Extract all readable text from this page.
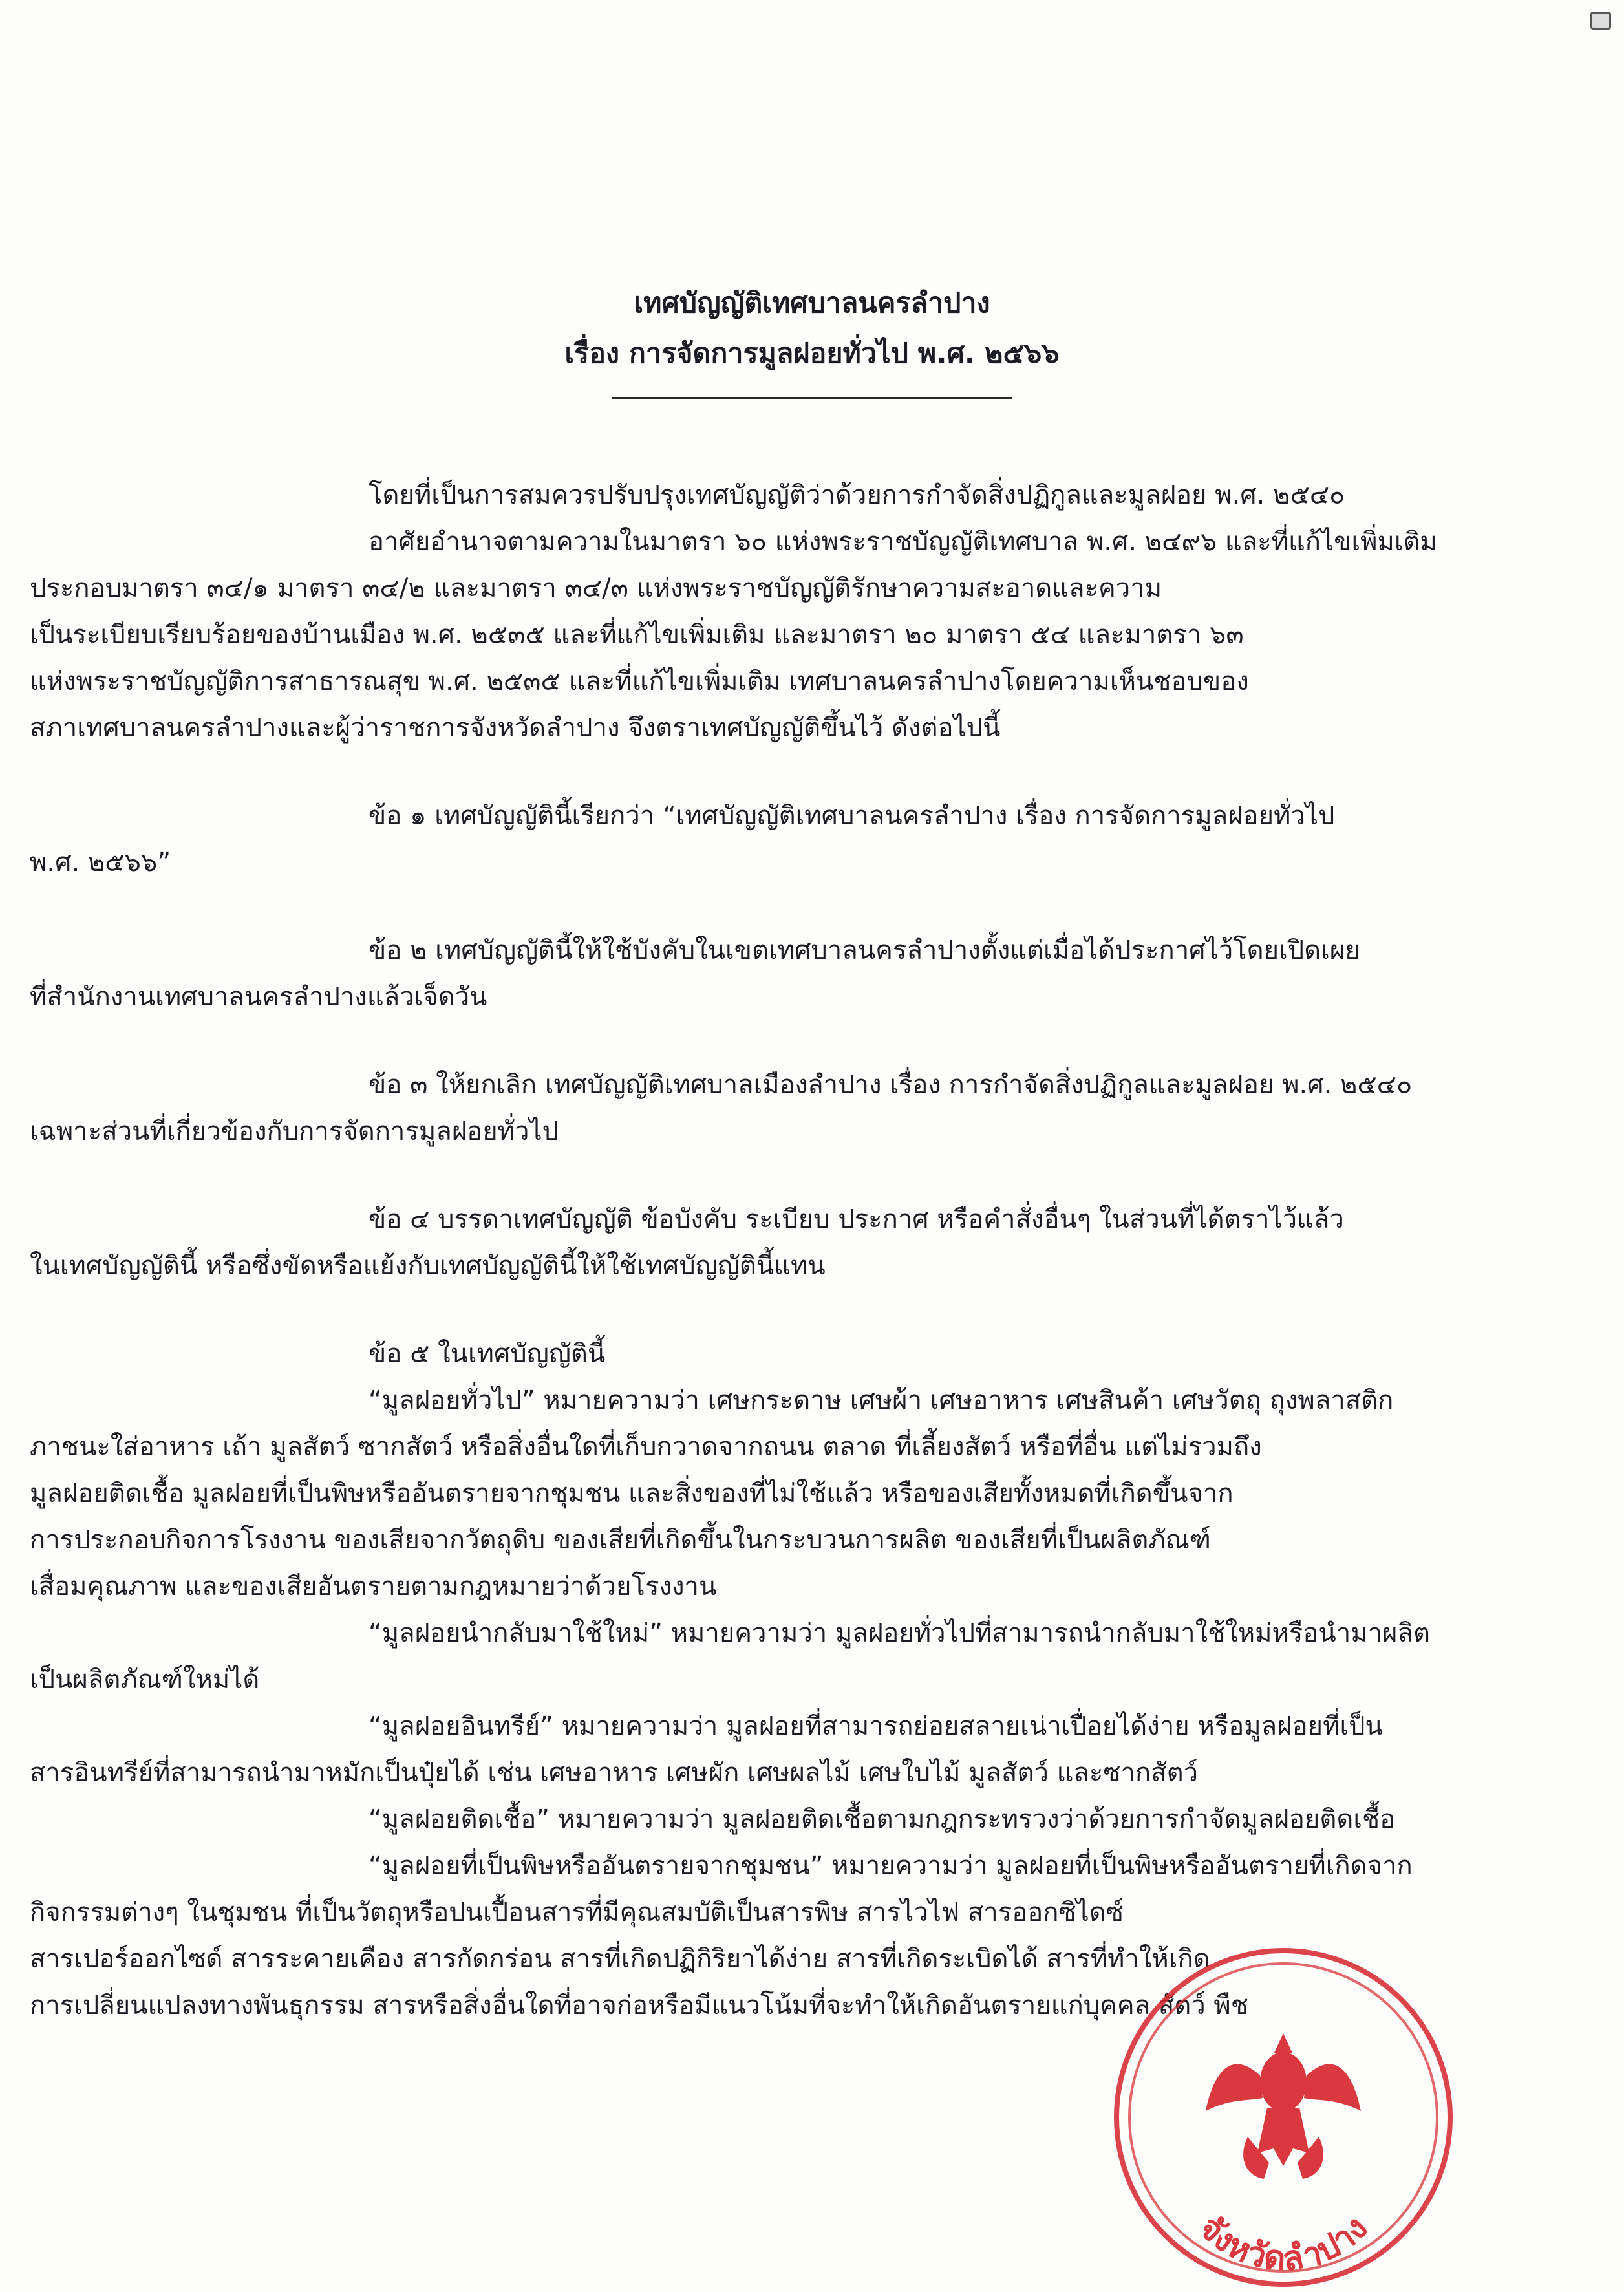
เทศบัญญัติเทศบาลนครลำปาง
เรื่อง การจัดการมูลฝอยทั่วไป พ.ศ. ๒๕๖๖

โดยที่เป็นการสมควรปรับปรุงเทศบัญญัติว่าด้วยการกำจัดสิ่งปฏิกูลและมูลฝอย พ.ศ. ๒๕๔๐

อาศัยอำนาจตามความในมาตรา ๖๐ แห่งพระราชบัญญัติเทศบาล พ.ศ. ๒๔๙๖ และที่แก้ไขเพิ่มเติม
ประกอบมาตรา ๓๔/๑ มาตรา ๓๔/๒ และมาตรา ๓๔/๓ แห่งพระราชบัญญัติรักษาความสะอาดและความ
เป็นระเบียบเรียบร้อยของบ้านเมือง พ.ศ. ๒๕๓๕ และที่แก้ไขเพิ่มเติม และมาตรา ๒๐ มาตรา ๕๔ และมาตรา ๖๓
แห่งพระราชบัญญัติการสาธารณสุข พ.ศ. ๒๕๓๕ และที่แก้ไขเพิ่มเติม เทศบาลนครลำปางโดยความเห็นชอบของ
สภาเทศบาลนครลำปางและผู้ว่าราชการจังหวัดลำปาง จึงตราเทศบัญญัติขึ้นไว้ ดังต่อไปนี้

ข้อ ๑ เทศบัญญัตินี้เรียกว่า “เทศบัญญัติเทศบาลนครลำปาง เรื่อง การจัดการมูลฝอยทั่วไป
พ.ศ. ๒๕๖๖”

ข้อ ๒ เทศบัญญัตินี้ให้ใช้บังคับในเขตเทศบาลนครลำปางตั้งแต่เมื่อได้ประกาศไว้โดยเปิดเผย
ที่สำนักงานเทศบาลนครลำปางแล้วเจ็ดวัน

ข้อ ๓ ให้ยกเลิก เทศบัญญัติเทศบาลเมืองลำปาง เรื่อง การกำจัดสิ่งปฏิกูลและมูลฝอย พ.ศ. ๒๕๔๐
เฉพาะส่วนที่เกี่ยวข้องกับการจัดการมูลฝอยทั่วไป

ข้อ ๔ บรรดาเทศบัญญัติ ข้อบังคับ ระเบียบ ประกาศ หรือคำสั่งอื่นๆ ในส่วนที่ได้ตราไว้แล้ว
ในเทศบัญญัตินี้ หรือซึ่งขัดหรือแย้งกับเทศบัญญัตินี้ให้ใช้เทศบัญญัตินี้แทน

ข้อ ๕ ในเทศบัญญัตินี้

“มูลฝอยทั่วไป” หมายความว่า เศษกระดาษ เศษผ้า เศษอาหาร เศษสินค้า เศษวัตถุ ถุงพลาสติก
ภาชนะใส่อาหาร เถ้า มูลสัตว์ ซากสัตว์ หรือสิ่งอื่นใดที่เก็บกวาดจากถนน ตลาด ที่เลี้ยงสัตว์ หรือที่อื่น แต่ไม่รวมถึง
มูลฝอยติดเชื้อ มูลฝอยที่เป็นพิษหรืออันตรายจากชุมชน และสิ่งของที่ไม่ใช้แล้ว หรือของเสียทั้งหมดที่เกิดขึ้นจาก
การประกอบกิจการโรงงาน ของเสียจากวัตถุดิบ ของเสียที่เกิดขึ้นในกระบวนการผลิต ของเสียที่เป็นผลิตภัณฑ์
เสื่อมคุณภาพ และของเสียอันตรายตามกฎหมายว่าด้วยโรงงาน

“มูลฝอยนำกลับมาใช้ใหม่” หมายความว่า มูลฝอยทั่วไปที่สามารถนำกลับมาใช้ใหม่หรือนำมาผลิต
เป็นผลิตภัณฑ์ใหม่ได้

“มูลฝอยอินทรีย์” หมายความว่า มูลฝอยที่สามารถย่อยสลายเน่าเปื่อยได้ง่าย หรือมูลฝอยที่เป็น
สารอินทรีย์ที่สามารถนำมาหมักเป็นปุ๋ยได้ เช่น เศษอาหาร เศษผัก เศษผลไม้ เศษใบไม้ มูลสัตว์ และซากสัตว์

“มูลฝอยติดเชื้อ” หมายความว่า มูลฝอยติดเชื้อตามกฎกระทรวงว่าด้วยการกำจัดมูลฝอยติดเชื้อ

“มูลฝอยที่เป็นพิษหรืออันตรายจากชุมชน” หมายความว่า มูลฝอยที่เป็นพิษหรืออันตรายที่เกิดจาก
กิจกรรมต่างๆ ในชุมชน ที่เป็นวัตถุหรือปนเปื้อนสารที่มีคุณสมบัติเป็นสารพิษ สารไวไฟ สารออกซิไดซ์
สารเปอร์ออกไซด์ สารระคายเคือง สารกัดกร่อน สารที่เกิดปฏิกิริยาได้ง่าย สารที่เกิดระเบิดได้ สารที่ทำให้เกิด
การเปลี่ยนแปลงทางพันธุกรรม สารหรือสิ่งอื่นใดที่อาจก่อหรือมีแนวโน้มที่จะทำให้เกิดอันตรายแก่บุคคล สัตว์ พืช

จังหวัดลำปาง
